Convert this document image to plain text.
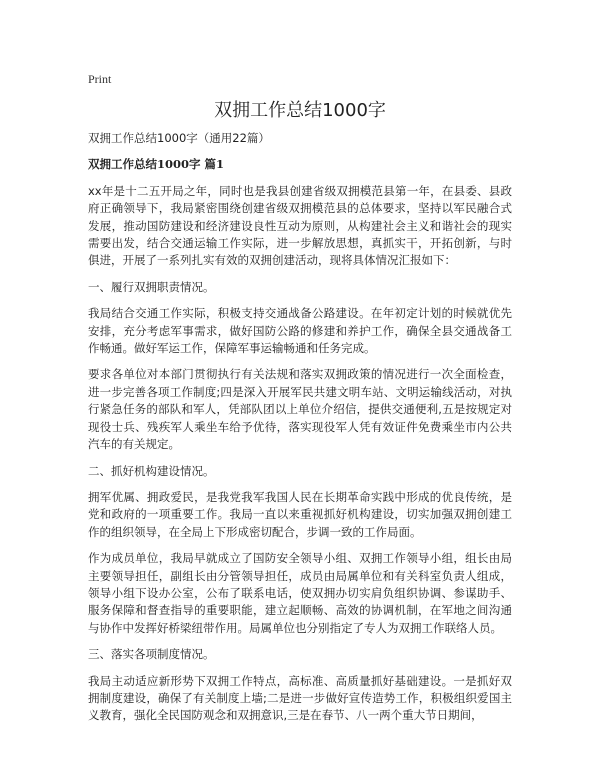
Print
双拥工作总结1000字

双拥工作总结1000字（通用22篇）

双拥工作总结1000字 篇1

xx年是十二五开局之年，同时也是我县创建省级双拥模范县第一年，在县委、县政府正确领导下，我局紧密围绕创建省级双拥模范县的总体要求，坚持以军民融合式发展，推动国防建设和经济建设良性互动为原则，从构建社会主义和谐社会的现实需要出发，结合交通运输工作实际，进一步解放思想，真抓实干，开拓创新，与时俱进，开展了一系列扎实有效的双拥创建活动，现将具体情况汇报如下：

一、履行双拥职责情况。

我局结合交通工作实际，积极支持交通战备公路建设。在年初定计划的时候就优先安排，充分考虑军事需求，做好国防公路的修建和养护工作，确保全县交通战备工作畅通。做好军运工作，保障军事运输畅通和任务完成。

要求各单位对本部门贯彻执行有关法规和落实双拥政策的情况进行一次全面检查，进一步完善各项工作制度;四是深入开展军民共建文明车站、文明运输线活动，对执行紧急任务的部队和军人，凭部队团以上单位介绍信，提供交通便利,五是按规定对现役士兵、残疾军人乘坐车给予优待，落实现役军人凭有效证件免费乘坐市内公共汽车的有关规定。

二、抓好机构建设情况。

拥军优属、拥政爱民，是我党我军我国人民在长期革命实践中形成的优良传统，是党和政府的一项重要工作。我局一直以来重视抓好机构建设，切实加强双拥创建工作的组织领导，在全局上下形成密切配合，步调一致的工作局面。

作为成员单位，我局早就成立了国防安全领导小组、双拥工作领导小组，组长由局主要领导担任，副组长由分管领导担任，成员由局属单位和有关科室负责人组成，领导小组下设办公室，公布了联系电话，使双拥办切实肩负组织协调、参谋助手、服务保障和督查指导的重要职能，建立起顺畅、高效的协调机制，在军地之间沟通与协作中发挥好桥梁纽带作用。局属单位也分别指定了专人为双拥工作联络人员。

三、落实各项制度情况。

我局主动适应新形势下双拥工作特点，高标准、高质量抓好基础建设。一是抓好双拥制度建设，确保了有关制度上墙;二是进一步做好宣传造势工作，积极组织爱国主义教育，强化全民国防观念和双拥意识,三是在春节、八一两个重大节日期间，
